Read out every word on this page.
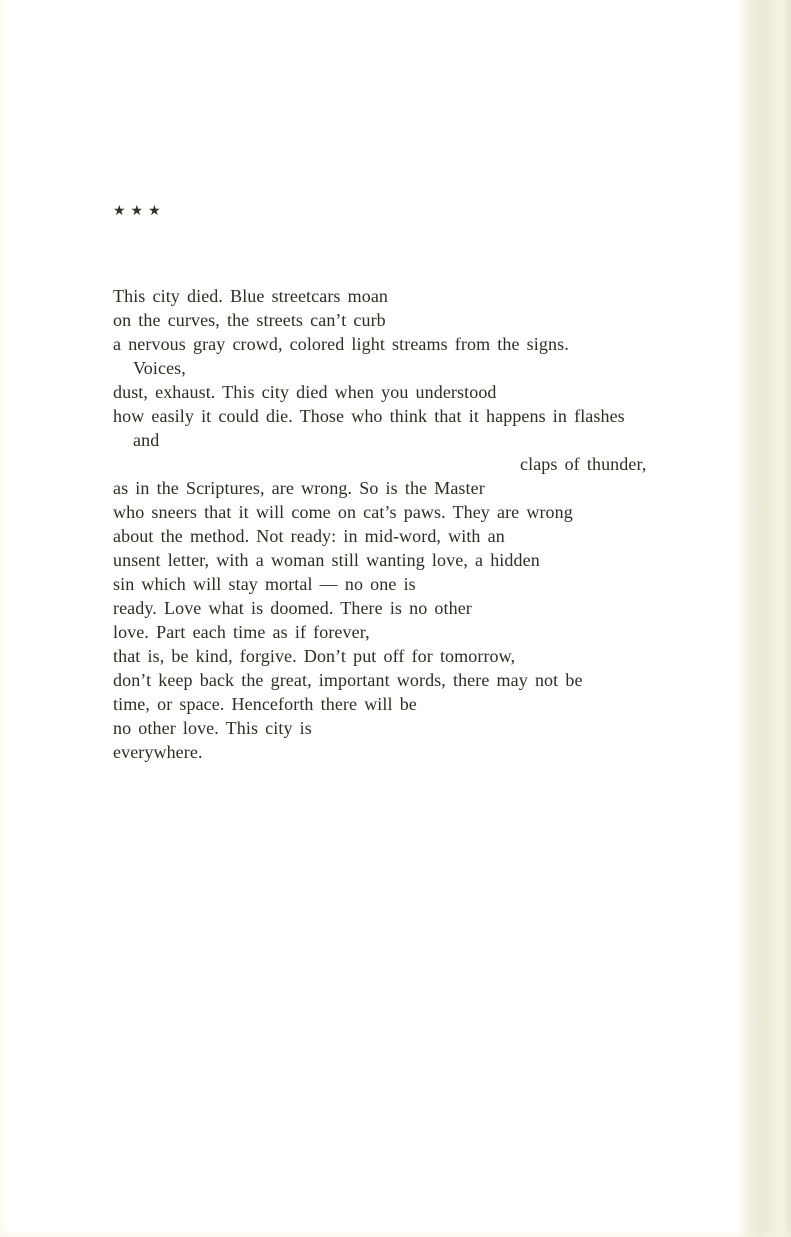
★★★
This city died. Blue streetcars moan
on the curves, the streets can’t curb
a nervous gray crowd, colored light streams from the signs.
Voices,
dust, exhaust. This city died when you understood
how easily it could die. Those who think that it happens in flashes
and
claps of thunder,
as in the Scriptures, are wrong. So is the Master
who sneers that it will come on cat’s paws. They are wrong
about the method. Not ready: in mid-word, with an
unsent letter, with a woman still wanting love, a hidden
sin which will stay mortal — no one is
ready. Love what is doomed. There is no other
love. Part each time as if forever,
that is, be kind, forgive. Don’t put off for tomorrow,
don’t keep back the great, important words, there may not be
time, or space. Henceforth there will be
no other love. This city is
everywhere.
